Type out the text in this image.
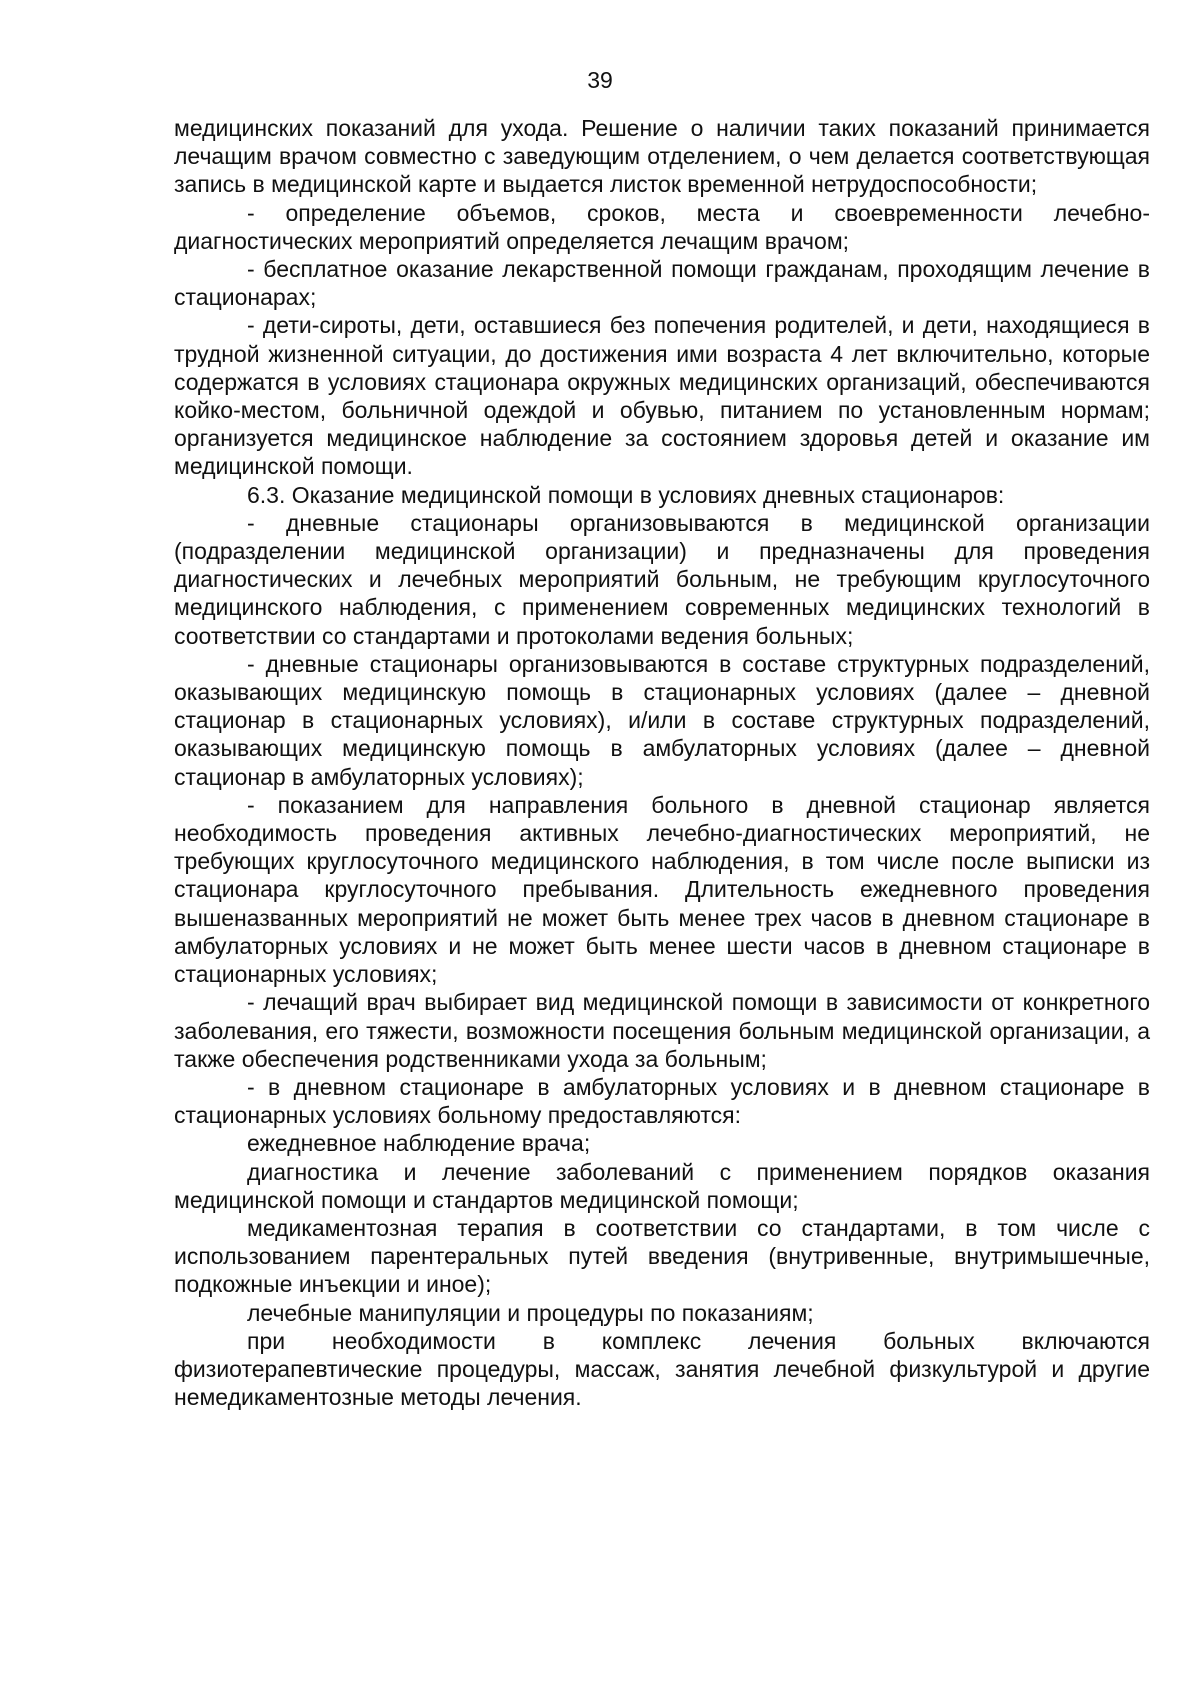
39

медицинских показаний для ухода. Решение о наличии таких показаний принимается лечащим врачом совместно с заведующим отделением, о чем делается соответствующая запись в медицинской карте и выдается листок временной нетрудоспособности;

- определение объемов, сроков, места и своевременности лечебно-диагностических мероприятий определяется лечащим врачом;

- бесплатное оказание лекарственной помощи гражданам, проходящим лечение в стационарах;

- дети-сироты, дети, оставшиеся без попечения родителей, и дети, находящиеся в трудной жизненной ситуации, до достижения ими возраста 4 лет включительно, которые содержатся в условиях стационара окружных медицинских организаций, обеспечиваются койко-местом, больничной одеждой и обувью, питанием по установленным нормам; организуется медицинское наблюдение за состоянием здоровья детей и оказание им медицинской помощи.

6.3. Оказание медицинской помощи в условиях дневных стационаров:

- дневные стационары организовываются в медицинской организации (подразделении медицинской организации) и предназначены для проведения диагностических и лечебных мероприятий больным, не требующим круглосуточного медицинского наблюдения, с применением современных медицинских технологий в соответствии со стандартами и протоколами ведения больных;

- дневные стационары организовываются в составе структурных подразделений, оказывающих медицинскую помощь в стационарных условиях (далее – дневной стационар в стационарных условиях), и/или в составе структурных подразделений, оказывающих медицинскую помощь в амбулаторных условиях (далее – дневной стационар в амбулаторных условиях);

- показанием для направления больного в дневной стационар является необходимость проведения активных лечебно-диагностических мероприятий, не требующих круглосуточного медицинского наблюдения, в том числе после выписки из стационара круглосуточного пребывания. Длительность ежедневного проведения вышеназванных мероприятий не может быть менее трех часов в дневном стационаре в амбулаторных условиях и не может быть менее шести часов в дневном стационаре в стационарных условиях;

- лечащий врач выбирает вид медицинской помощи в зависимости от конкретного заболевания, его тяжести, возможности посещения больным медицинской организации, а также обеспечения родственниками ухода за больным;

- в дневном стационаре в амбулаторных условиях и в дневном стационаре в стационарных условиях больному предоставляются:

ежедневное наблюдение врача;

диагностика и лечение заболеваний с применением порядков оказания медицинской помощи и стандартов медицинской помощи;

медикаментозная терапия в соответствии со стандартами, в том числе с использованием парентеральных путей введения (внутривенные, внутримышечные, подкожные инъекции и иное);

лечебные манипуляции и процедуры по показаниям;

при необходимости в комплекс лечения больных включаются физиотерапевтические процедуры, массаж, занятия лечебной физкультурой и другие немедикаментозные методы лечения.
